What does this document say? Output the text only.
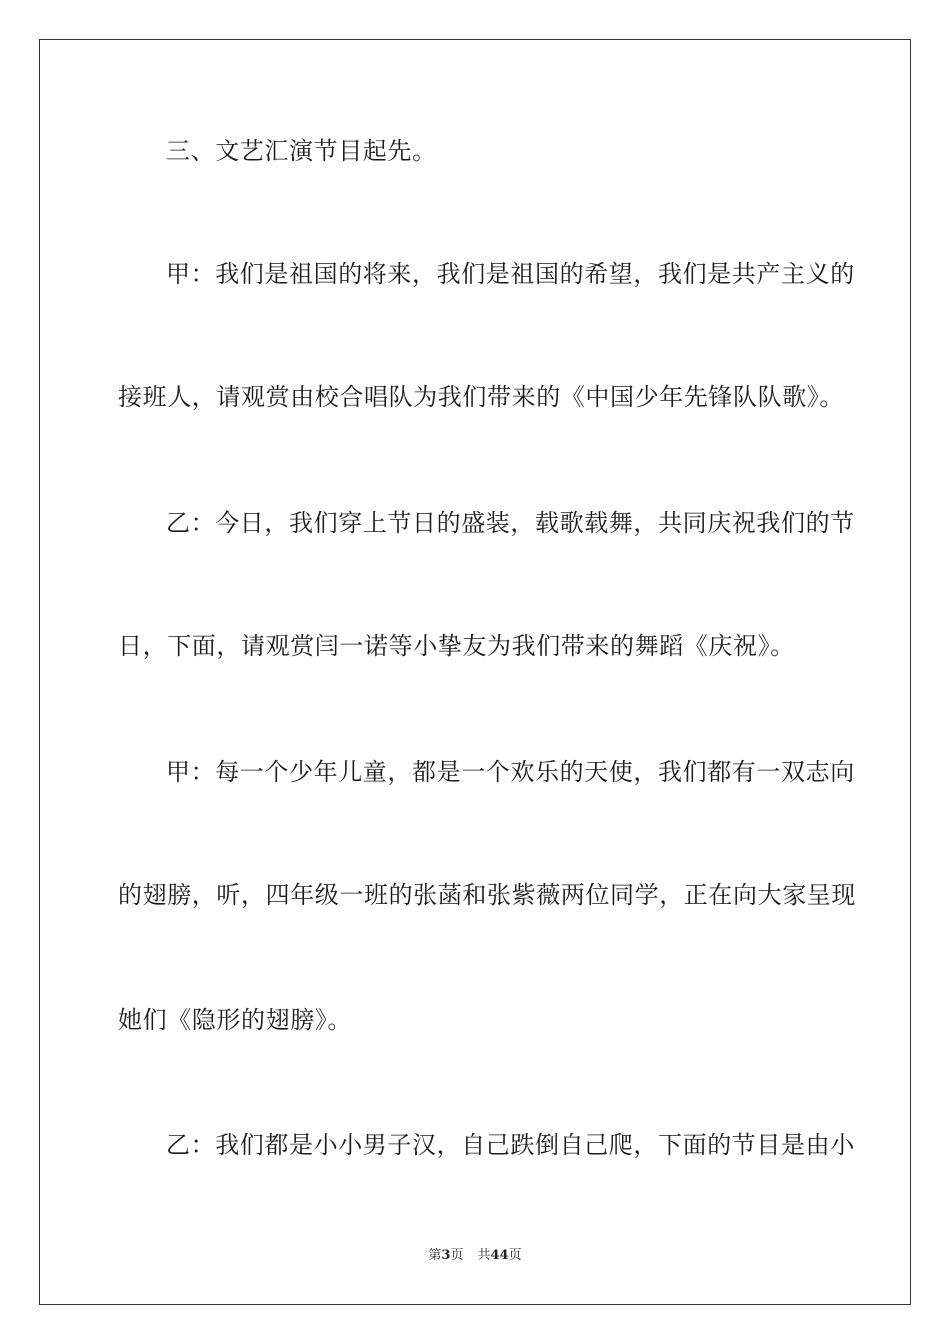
三、文艺汇演节目起先。
甲：我们是祖国的将来，我们是祖国的希望，我们是共产主义的
接班人，请观赏由校合唱队为我们带来的《中国少年先锋队队歌》。
乙：今日，我们穿上节日的盛装，载歌载舞，共同庆祝我们的节
日，下面，请观赏闫一诺等小挚友为我们带来的舞蹈《庆祝》。
甲：每一个少年儿童，都是一个欢乐的天使，我们都有一双志向
的翅膀，听，四年级一班的张菡和张紫薇两位同学，正在向大家呈现
她们《隐形的翅膀》。
乙：我们都是小小男子汉，自己跌倒自己爬，下面的节目是由小
第3页 共44页
